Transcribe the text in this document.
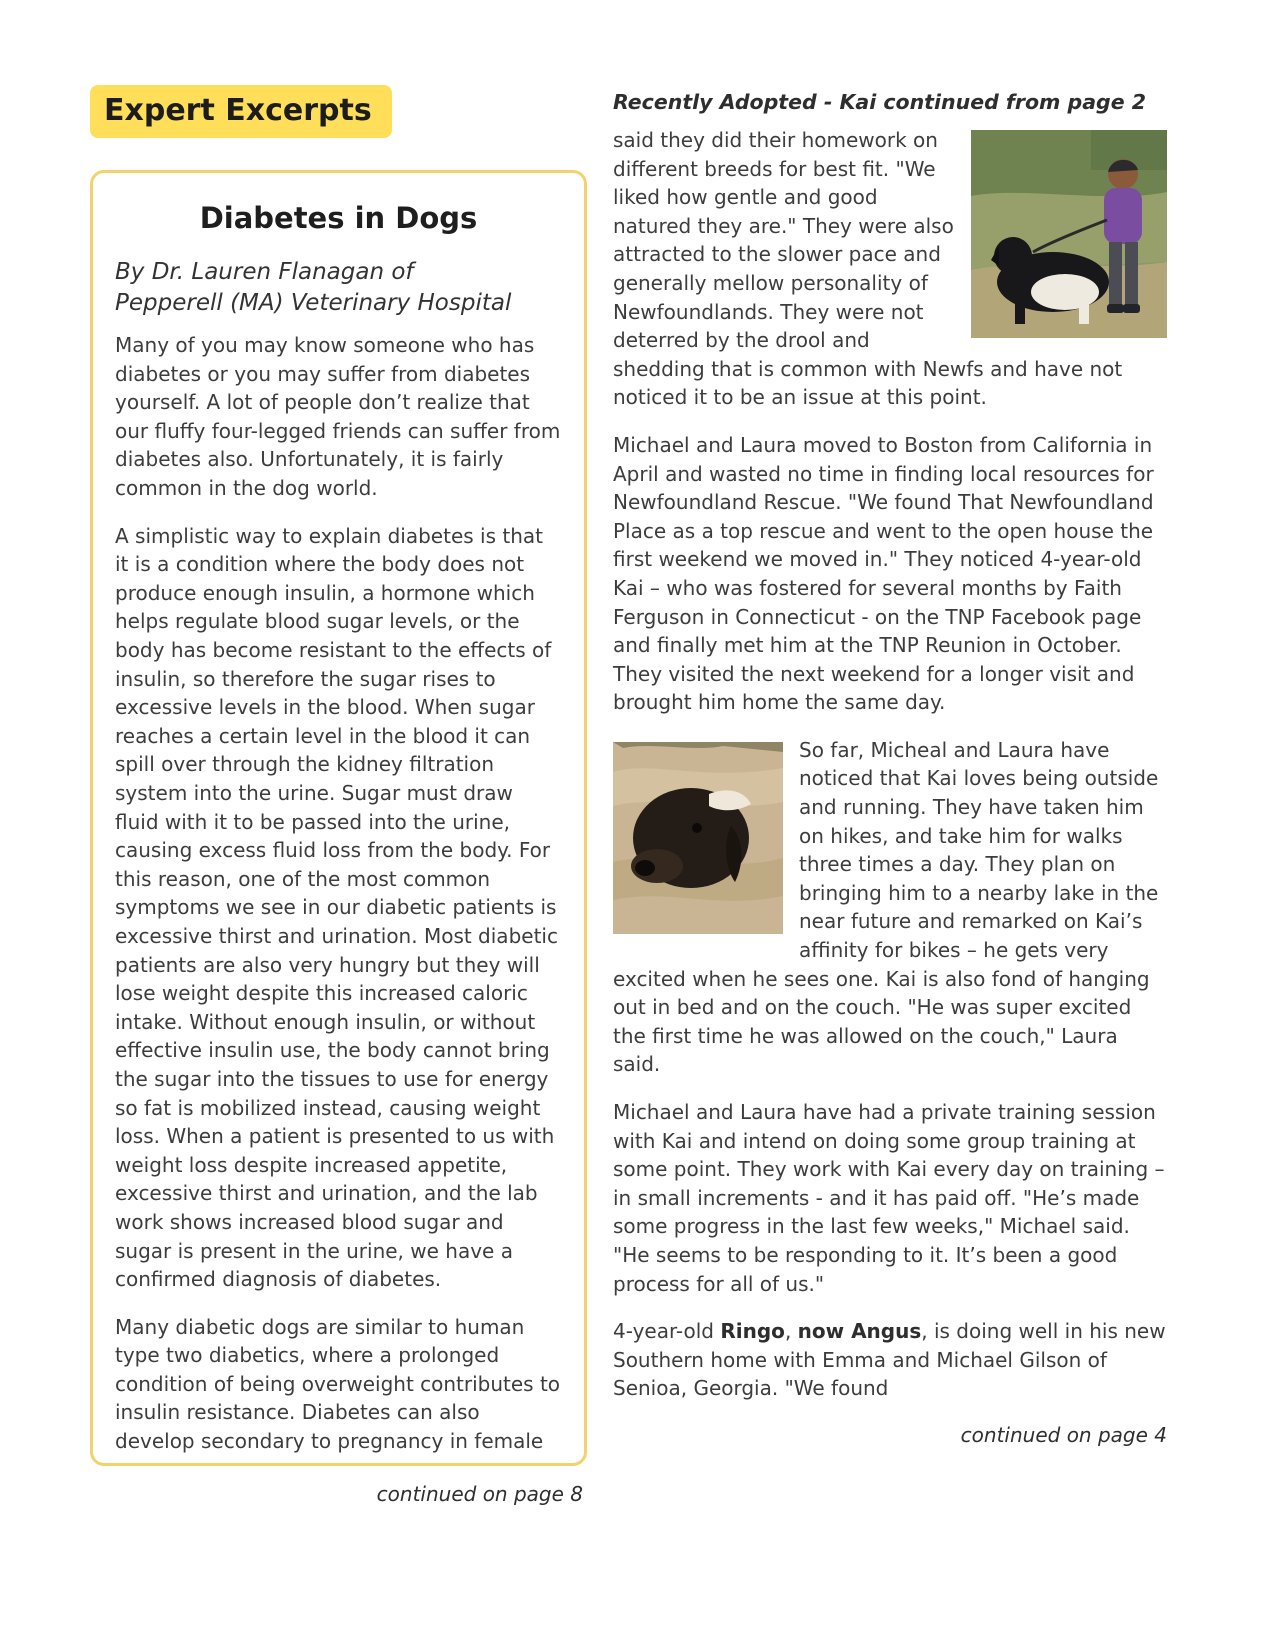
Expert Excerpts
Diabetes in Dogs
By Dr. Lauren Flanagan of
Pepperell (MA) Veterinary Hospital

Many of you may know someone who has diabetes or you may suffer from diabetes yourself. A lot of people don’t realize that our fluffy four-legged friends can suffer from diabetes also. Unfortunately, it is fairly common in the dog world.

A simplistic way to explain diabetes is that it is a condition where the body does not produce enough insulin, a hormone which helps regulate blood sugar levels, or the body has become resistant to the effects of insulin, so therefore the sugar rises to excessive levels in the blood. When sugar reaches a certain level in the blood it can spill over through the kidney filtration system into the urine. Sugar must draw fluid with it to be passed into the urine, causing excess fluid loss from the body. For this reason, one of the most common symptoms we see in our diabetic patients is excessive thirst and urination. Most diabetic patients are also very hungry but they will lose weight despite this increased caloric intake. Without enough insulin, or without effective insulin use, the body cannot bring the sugar into the tissues to use for energy so fat is mobilized instead, causing weight loss. When a patient is presented to us with weight loss despite increased appetite, excessive thirst and urination, and the lab work shows increased blood sugar and sugar is present in the urine, we have a confirmed diagnosis of diabetes.

Many diabetic dogs are similar to human type two diabetics, where a prolonged condition of being overweight contributes to insulin resistance. Diabetes can also develop secondary to pregnancy in female

continued on page 8
Recently Adopted - Kai continued from page 2

said they did their homework on different breeds for best fit. "We liked how gentle and good natured they are." They were also attracted to the slower pace and generally mellow personality of Newfoundlands. They were not deterred by the drool and shedding that is common with Newfs and have not noticed it to be an issue at this point.

Michael and Laura moved to Boston from California in April and wasted no time in finding local resources for Newfoundland Rescue. "We found That Newfoundland Place as a top rescue and went to the open house the first weekend we moved in." They noticed 4-year-old Kai – who was fostered for several months by Faith Ferguson in Connecticut - on the TNP Facebook page and finally met him at the TNP Reunion in October. They visited the next weekend for a longer visit and brought him home the same day.

So far, Micheal and Laura have noticed that Kai loves being outside and running. They have taken him on hikes, and take him for walks three times a day. They plan on bringing him to a nearby lake in the near future and remarked on Kai’s affinity for bikes – he gets very excited when he sees one. Kai is also fond of hanging out in bed and on the couch. "He was super excited the first time he was allowed on the couch," Laura said.

Michael and Laura have had a private training session with Kai and intend on doing some group training at some point. They work with Kai every day on training – in small increments - and it has paid off. "He’s made some progress in the last few weeks," Michael said. "He seems to be responding to it. It’s been a good process for all of us."

4-year-old Ringo, now Angus, is doing well in his new Southern home with Emma and Michael Gilson of Senioa, Georgia. "We found

continued on page 4
